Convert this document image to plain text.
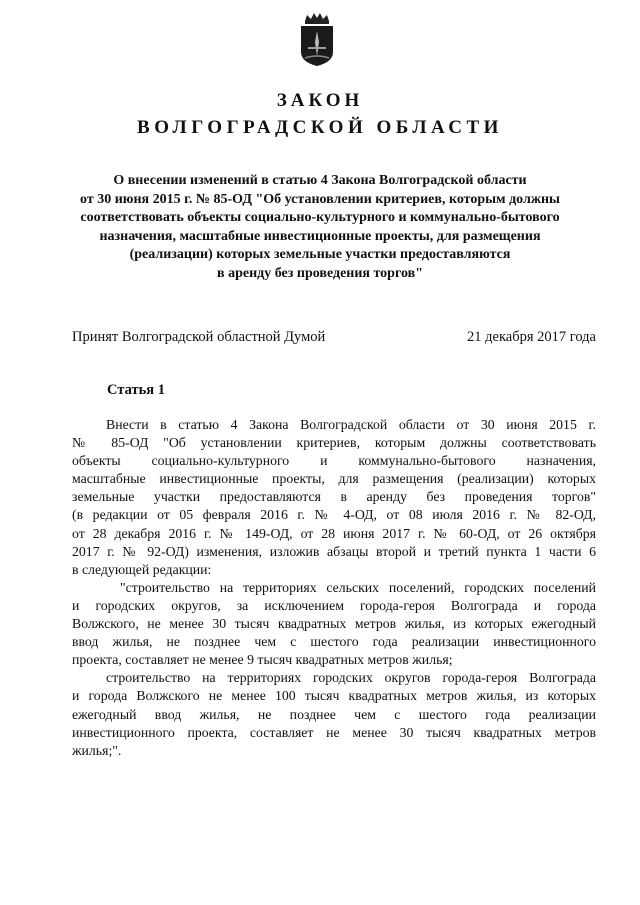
ЗАКОН
ВОЛГОГРАДСКОЙ ОБЛАСТИ
О внесении изменений в статью 4 Закона Волгоградской области
от 30 июня 2015 г. № 85-ОД "Об установлении критериев, которым должны
соответствовать объекты социально-культурного и коммунально-бытового
назначения, масштабные инвестиционные проекты, для размещения
(реализации) которых земельные участки предоставляются
в аренду без проведения торгов"
Принят Волгоградской областной Думой	21 декабря 2017 года
Статья 1
Внести в статью 4 Закона Волгоградской области от 30 июня 2015 г.
№ 85-ОД "Об установлении критериев, которым должны соответствовать
объекты социально-культурного и коммунально-бытового назначения,
масштабные инвестиционные проекты, для размещения (реализации) которых
земельные участки предоставляются в аренду без проведения торгов"
(в редакции от 05 февраля 2016 г. № 4-ОД, от 08 июля 2016 г. № 82-ОД,
от 28 декабря 2016 г. № 149-ОД, от 28 июня 2017 г. № 60-ОД, от 26 октября
2017 г. № 92-ОД) изменения, изложив абзацы второй и третий пункта 1 части 6
в следующей редакции:
"строительство на территориях сельских поселений, городских поселений
и городских округов, за исключением города-героя Волгограда и города
Волжского, не менее 30 тысяч квадратных метров жилья, из которых ежегодный
ввод жилья, не позднее чем с шестого года реализации инвестиционного
проекта, составляет не менее 9 тысяч квадратных метров жилья;
строительство на территориях городских округов города-героя Волгограда
и города Волжского не менее 100 тысяч квадратных метров жилья, из которых
ежегодный ввод жилья, не позднее чем с шестого года реализации
инвестиционного проекта, составляет не менее 30 тысяч квадратных метров
жилья;".
